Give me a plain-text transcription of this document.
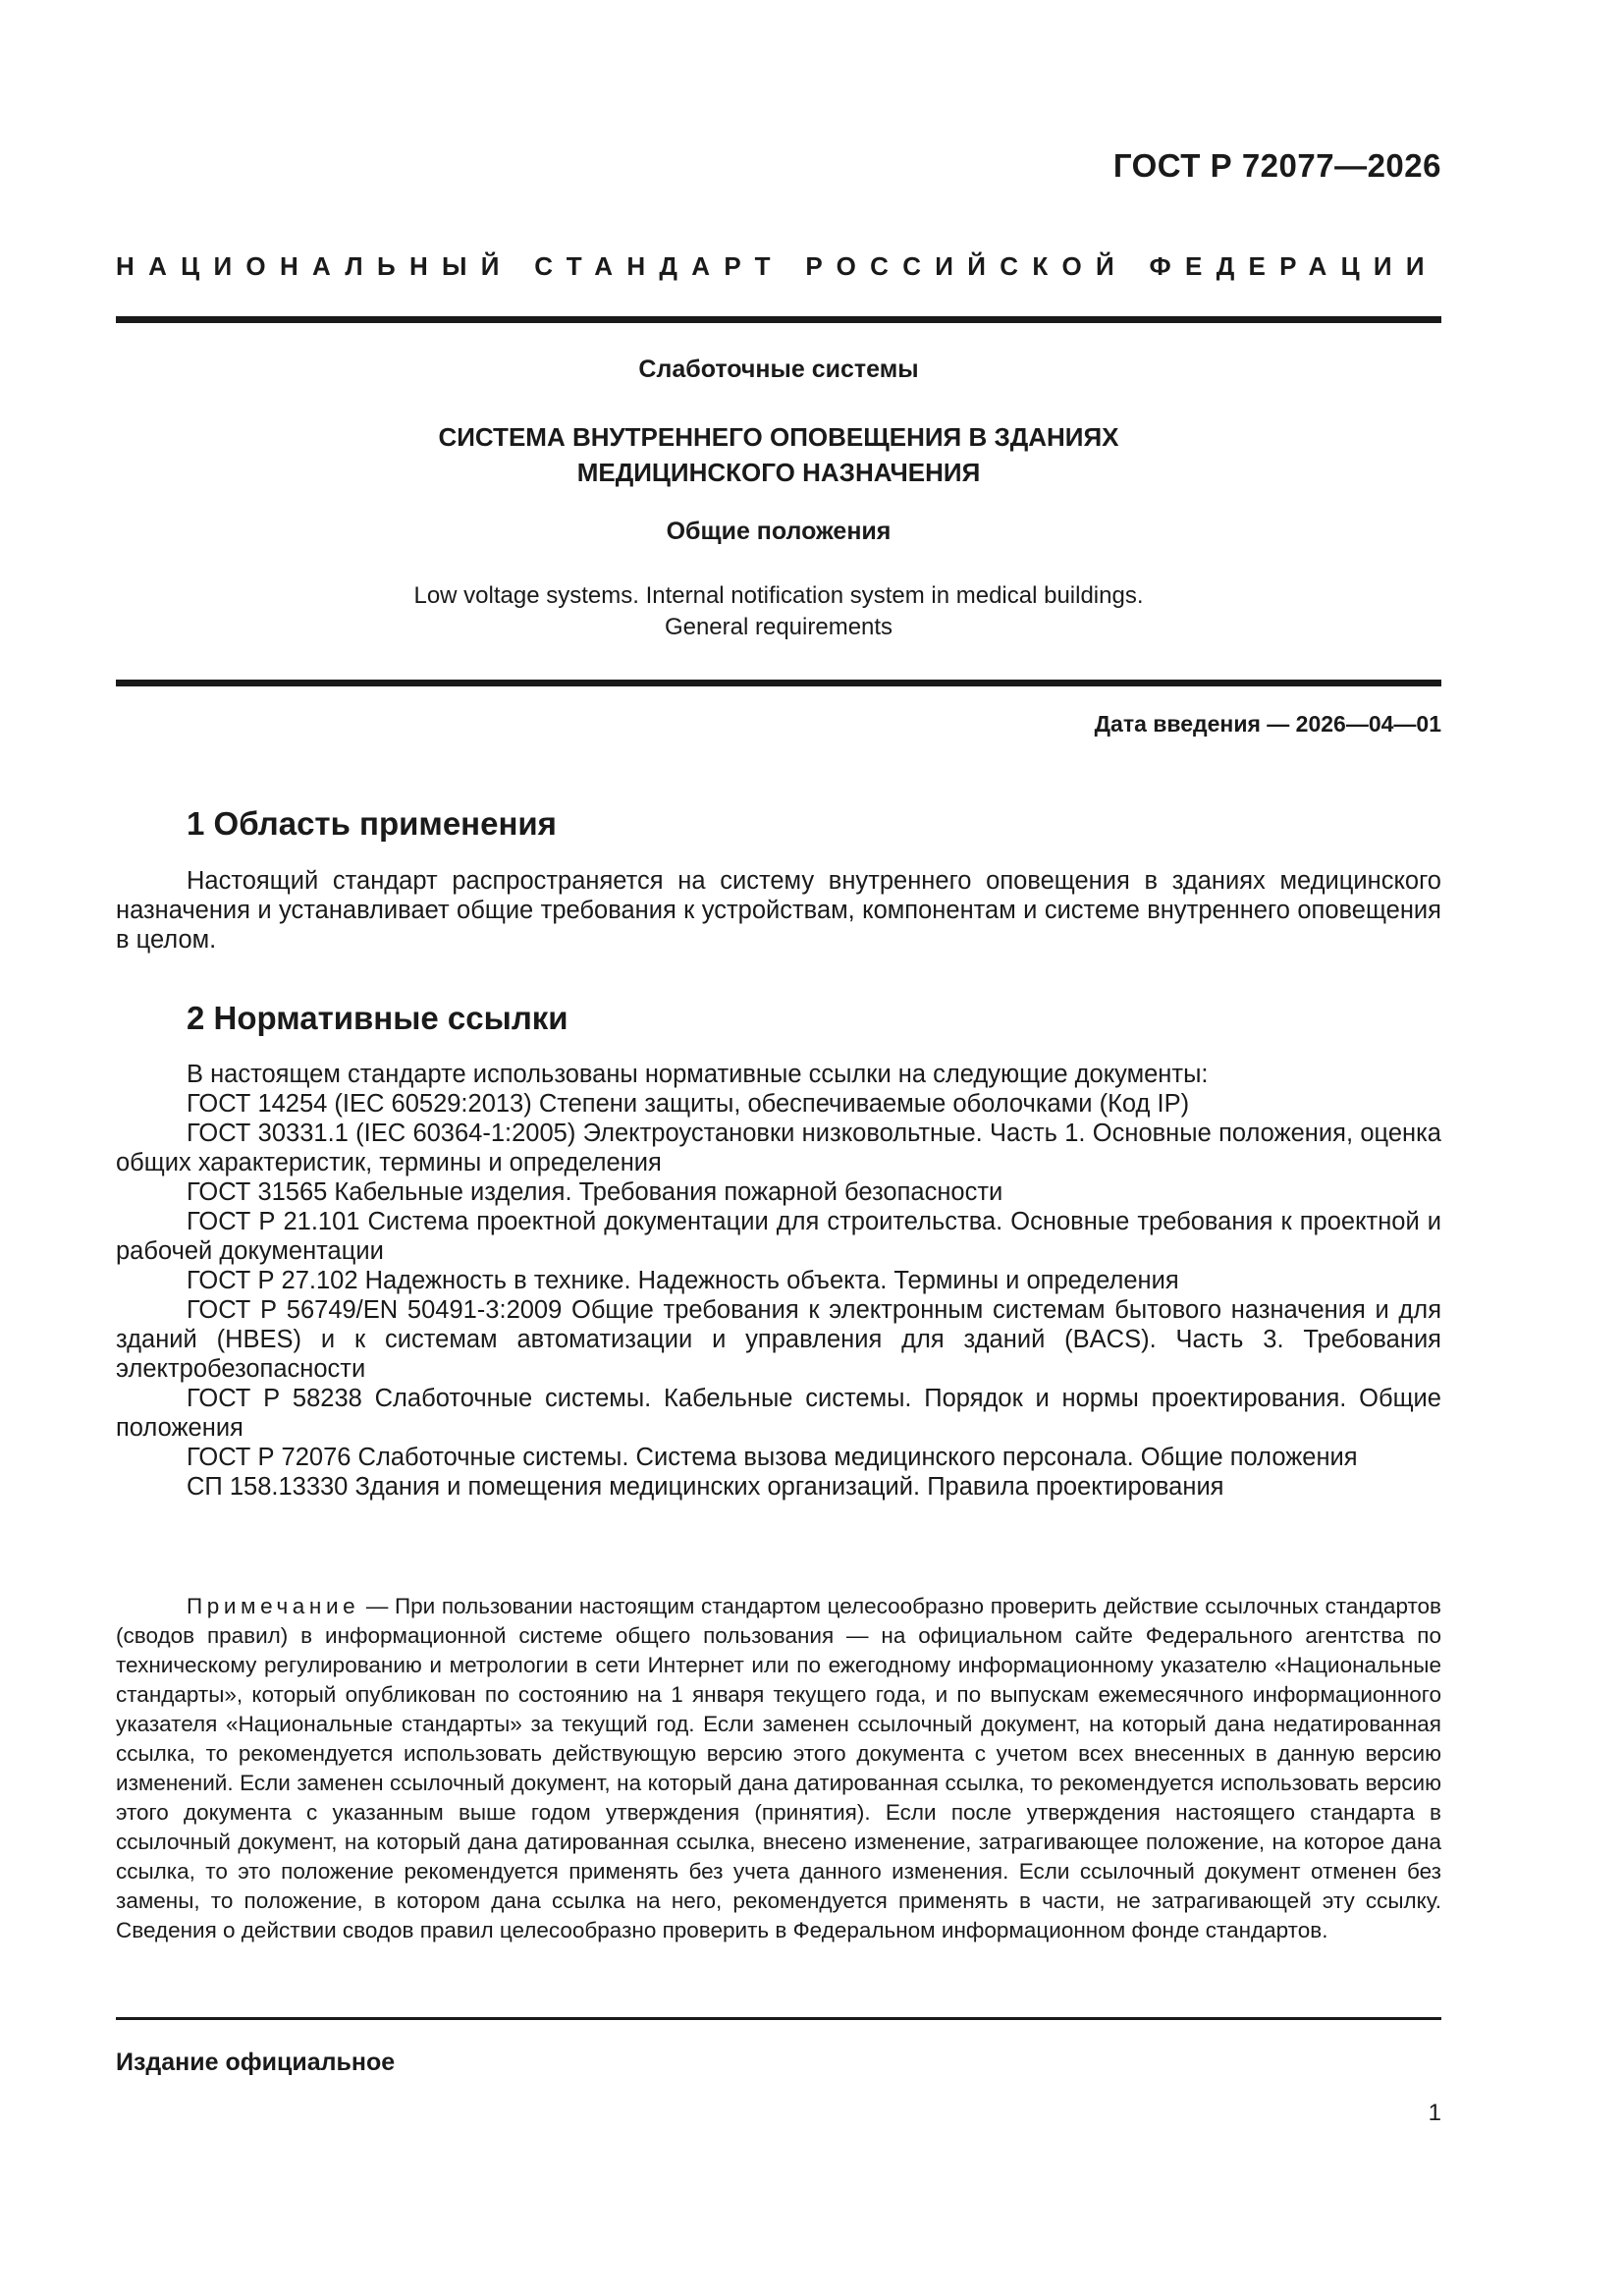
ГОСТ Р 72077—2026
НАЦИОНАЛЬНЫЙ СТАНДАРТ РОССИЙСКОЙ ФЕДЕРАЦИИ
Слаботочные системы
СИСТЕМА ВНУТРЕННЕГО ОПОВЕЩЕНИЯ В ЗДАНИЯХ
МЕДИЦИНСКОГО НАЗНАЧЕНИЯ
Общие положения
Low voltage systems. Internal notification system in medical buildings.
General requirements
Дата введения — 2026—04—01
1 Область применения

Настоящий стандарт распространяется на систему внутреннего оповещения в зданиях медицинского назначения и устанавливает общие требования к устройствам, компонентам и системе внутреннего оповещения в целом.

2 Нормативные ссылки

В настоящем стандарте использованы нормативные ссылки на следующие документы:

ГОСТ 14254 (IEC 60529:2013) Степени защиты, обеспечиваемые оболочками (Код IP)

ГОСТ 30331.1 (IEC 60364-1:2005) Электроустановки низковольтные. Часть 1. Основные положения, оценка общих характеристик, термины и определения

ГОСТ 31565 Кабельные изделия. Требования пожарной безопасности

ГОСТ Р 21.101 Система проектной документации для строительства. Основные требования к проектной и рабочей документации

ГОСТ Р 27.102 Надежность в технике. Надежность объекта. Термины и определения

ГОСТ Р 56749/EN 50491-3:2009 Общие требования к электронным системам бытового назначения и для зданий (HBES) и к системам автоматизации и управления для зданий (BACS). Часть 3. Требования электробезопасности

ГОСТ Р 58238 Слаботочные системы. Кабельные системы. Порядок и нормы проектирования. Общие положения

ГОСТ Р 72076 Слаботочные системы. Система вызова медицинского персонала. Общие положения

СП 158.13330 Здания и помещения медицинских организаций. Правила проектирования

Примечание — При пользовании настоящим стандартом целесообразно проверить действие ссылочных стандартов (сводов правил) в информационной системе общего пользования — на официальном сайте Федерального агентства по техническому регулированию и метрологии в сети Интернет или по ежегодному информационному указателю «Национальные стандарты», который опубликован по состоянию на 1 января текущего года, и по выпускам ежемесячного информационного указателя «Национальные стандарты» за текущий год. Если заменен ссылочный документ, на который дана недатированная ссылка, то рекомендуется использовать действующую версию этого документа с учетом всех внесенных в данную версию изменений. Если заменен ссылочный документ, на который дана датированная ссылка, то рекомендуется использовать версию этого документа с указанным выше годом утверждения (принятия). Если после утверждения настоящего стандарта в ссылочный документ, на который дана датированная ссылка, внесено изменение, затрагивающее положение, на которое дана ссылка, то это положение рекомендуется применять без учета данного изменения. Если ссылочный документ отменен без замены, то положение, в котором дана ссылка на него, рекомендуется применять в части, не затрагивающей эту ссылку. Сведения о действии сводов правил целесообразно проверить в Федеральном информационном фонде стандартов.

Издание официальное
1
